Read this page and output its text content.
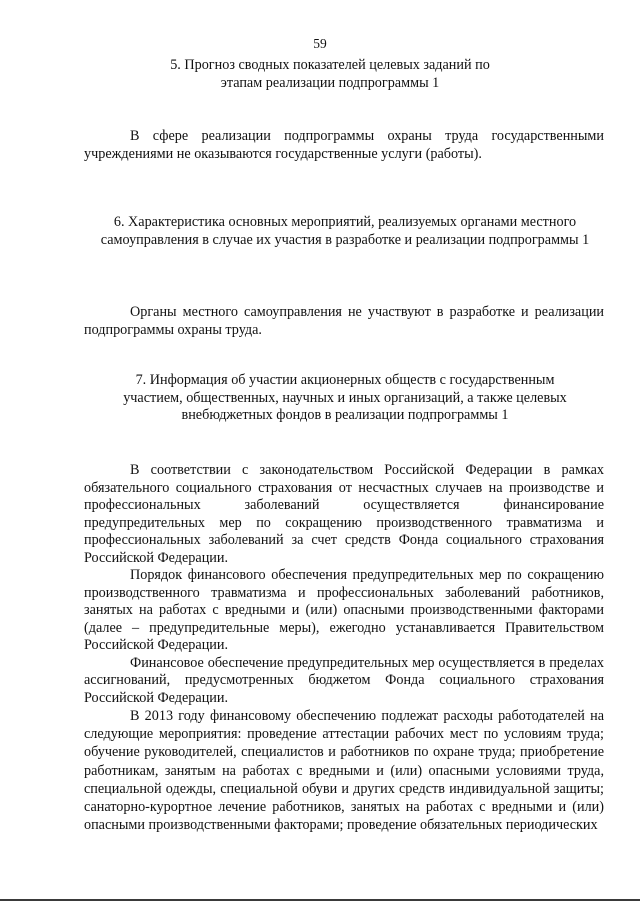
59

5. Прогноз сводных показателей целевых заданий по этапам реализации подпрограммы 1

В сфере реализации подпрограммы охраны труда государственными учреждениями не оказываются государственные услуги (работы).

6. Характеристика основных мероприятий, реализуемых органами местного самоуправления в случае их участия в разработке и реализации подпрограммы 1

Органы местного самоуправления не участвуют в разработке и реализации подпрограммы охраны труда.

7. Информация об участии акционерных обществ с государственным участием, общественных, научных и иных организаций, а также целевых внебюджетных фондов в реализации подпрограммы 1

В соответствии с законодательством Российской Федерации в рамках обязательного социального страхования от несчастных случаев на производстве и профессиональных заболеваний осуществляется финансирование предупредительных мер по сокращению производственного травматизма и профессиональных заболеваний за счет средств Фонда социального страхования Российской Федерации.

Порядок финансового обеспечения предупредительных мер по сокращению производственного травматизма и профессиональных заболеваний работников, занятых на работах с вредными и (или) опасными производственными факторами (далее – предупредительные меры), ежегодно устанавливается Правительством Российской Федерации.

Финансовое обеспечение предупредительных мер осуществляется в пределах ассигнований, предусмотренных бюджетом Фонда социального страхования Российской Федерации.

В 2013 году финансовому обеспечению подлежат расходы работодателей на следующие мероприятия: проведение аттестации рабочих мест по условиям труда; обучение руководителей, специалистов и работников по охране труда; приобретение работникам, занятым на работах с вредными и (или) опасными условиями труда, специальной одежды, специальной обуви и других средств индивидуальной защиты; санаторно-курортное лечение работников, занятых на работах с вредными и (или) опасными производственными факторами; проведение обязательных периодических
